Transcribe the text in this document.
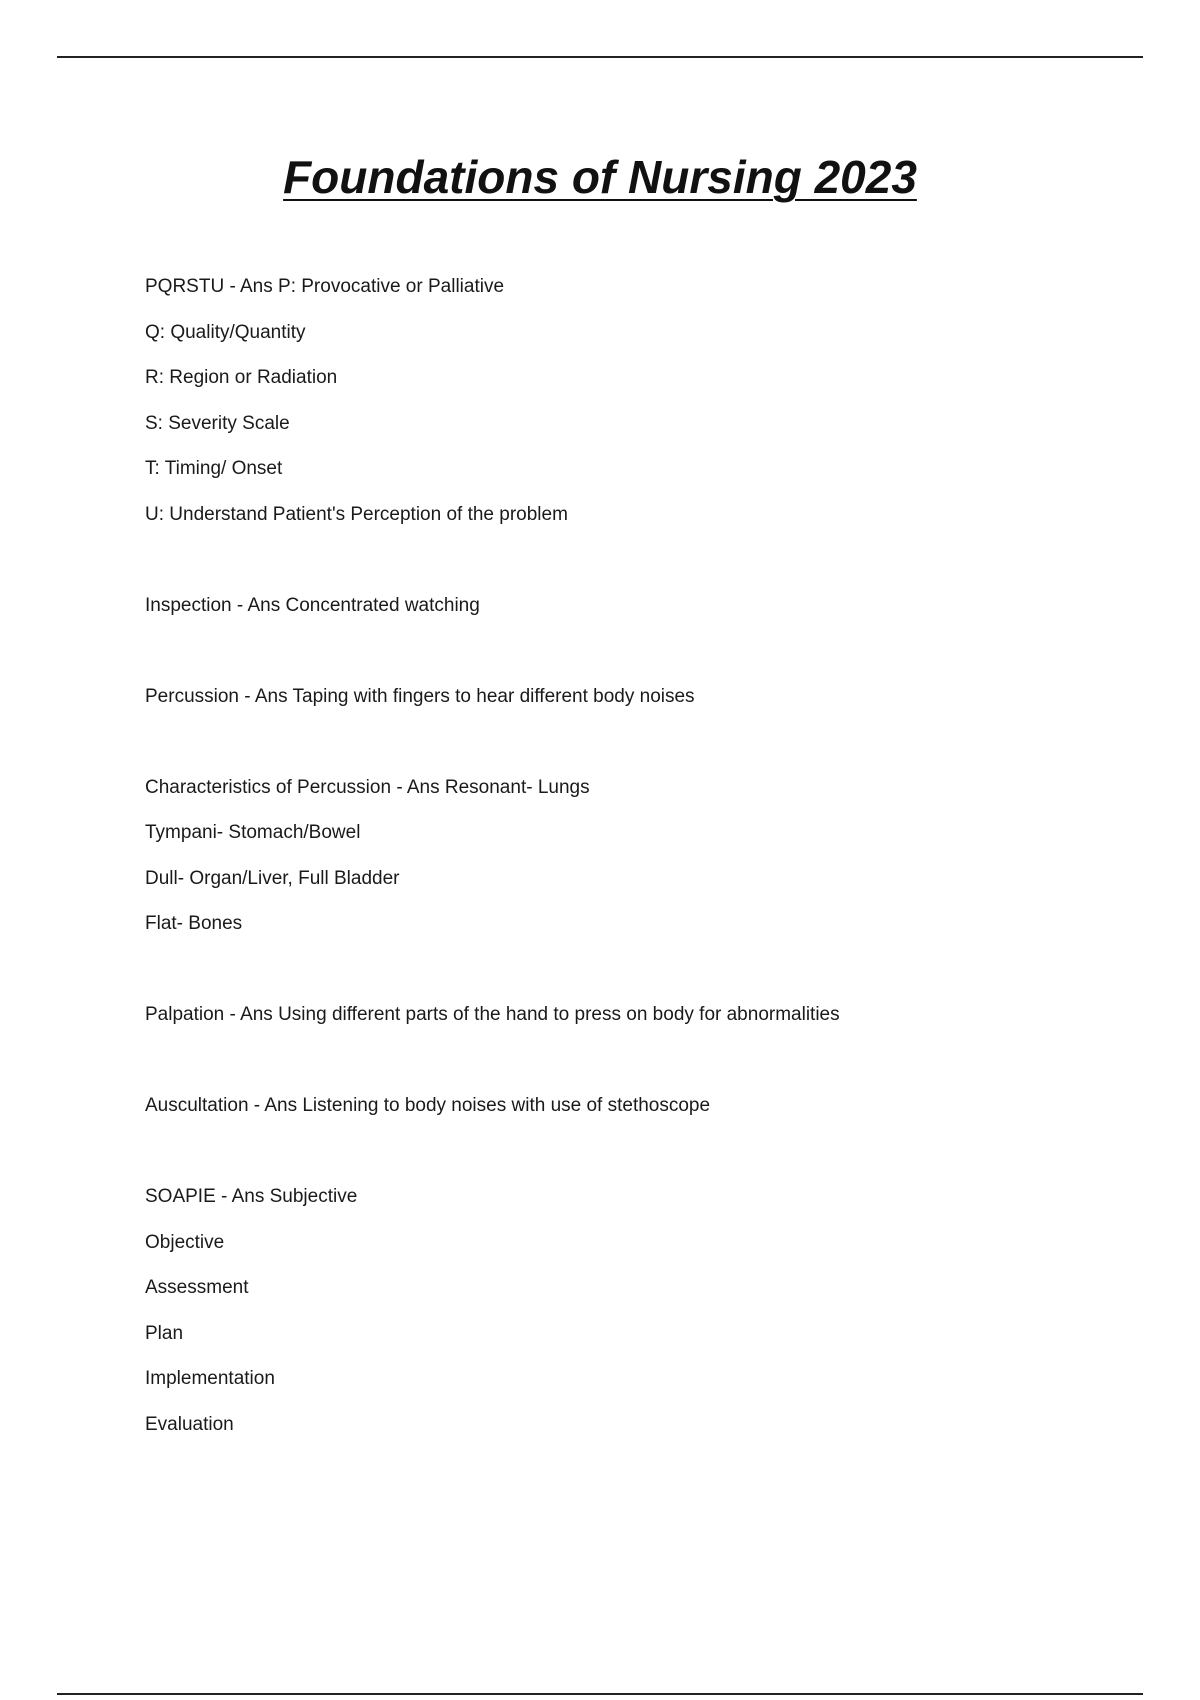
Foundations of Nursing 2023
PQRSTU - Ans P: Provocative or Palliative
Q: Quality/Quantity
R: Region or Radiation
S: Severity Scale
T: Timing/ Onset
U: Understand Patient's Perception of the problem
Inspection - Ans Concentrated watching
Percussion - Ans Taping with fingers to hear different body noises
Characteristics of Percussion - Ans Resonant- Lungs
Tympani- Stomach/Bowel
Dull- Organ/Liver, Full Bladder
Flat- Bones
Palpation - Ans Using different parts of the hand to press on body for abnormalities
Auscultation - Ans Listening to body noises with use of stethoscope
SOAPIE - Ans Subjective
Objective
Assessment
Plan
Implementation
Evaluation
